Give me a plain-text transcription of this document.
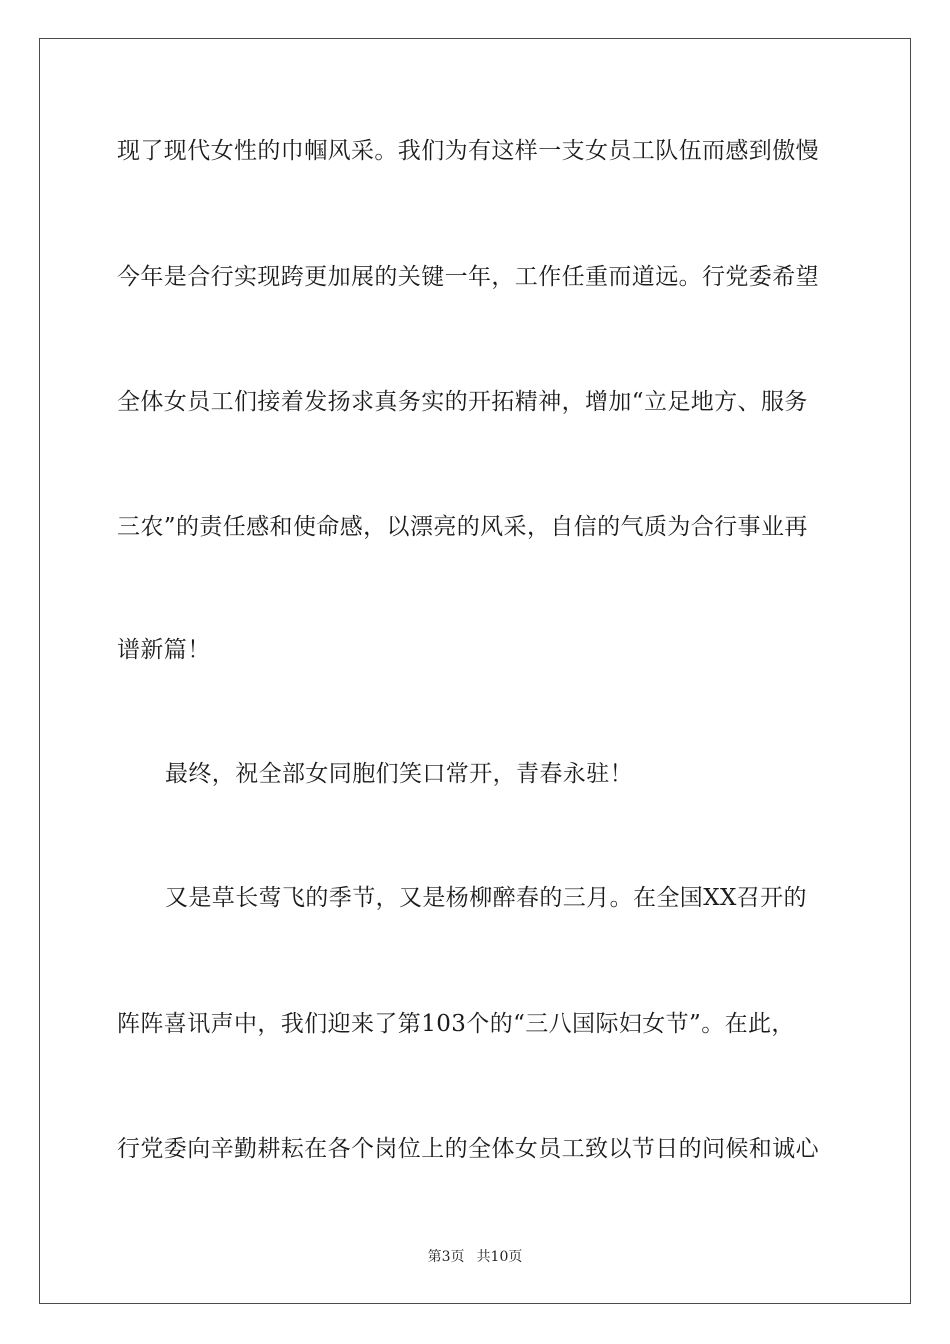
现了现代女性的巾帼风采。我们为有这样一支女员工队伍而感到傲慢
今年是合行实现跨更加展的关键一年，工作任重而道远。行党委希望
全体女员工们接着发扬求真务实的开拓精神，增加“立足地方、服务
三农”的责任感和使命感，以漂亮的风采，自信的气质为合行事业再
谱新篇！
最终，祝全部女同胞们笑口常开，青春永驻！
又是草长莺飞的季节，又是杨柳醉春的三月。在全国XX召开的
阵阵喜讯声中，我们迎来了第103个的“三八国际妇女节”。在此，
行党委向辛勤耕耘在各个岗位上的全体女员工致以节日的问候和诚心
第3页 共10页
